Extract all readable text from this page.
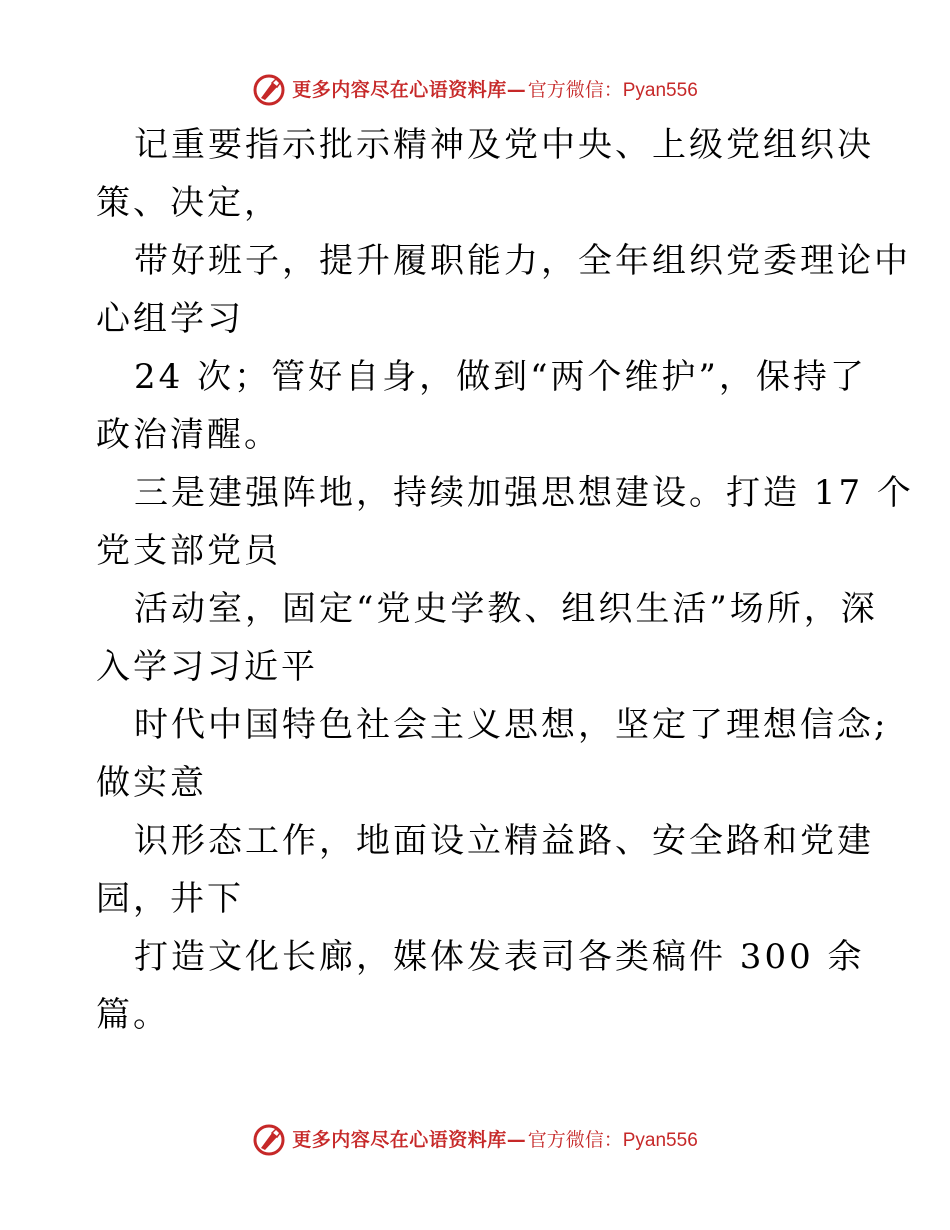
更多内容尽在心语资料库 — 官方微信：Pyan556
记重要指示批示精神及党中央、上级党组织决
策、决定，
带好班子，提升履职能力，全年组织党委理论中
心组学习
24 次；管好自身，做到“两个维护”，保持了
政治清醒。
三是建强阵地，持续加强思想建设。打造 17 个
党支部党员
活动室，固定“党史学教、组织生活”场所，深
入学习习近平
时代中国特色社会主义思想，坚定了理想信念;
做实意
识形态工作，地面设立精益路、安全路和党建
园，井下
打造文化长廊，媒体发表司各类稿件 300 余
篇。
更多内容尽在心语资料库 — 官方微信：Pyan556
